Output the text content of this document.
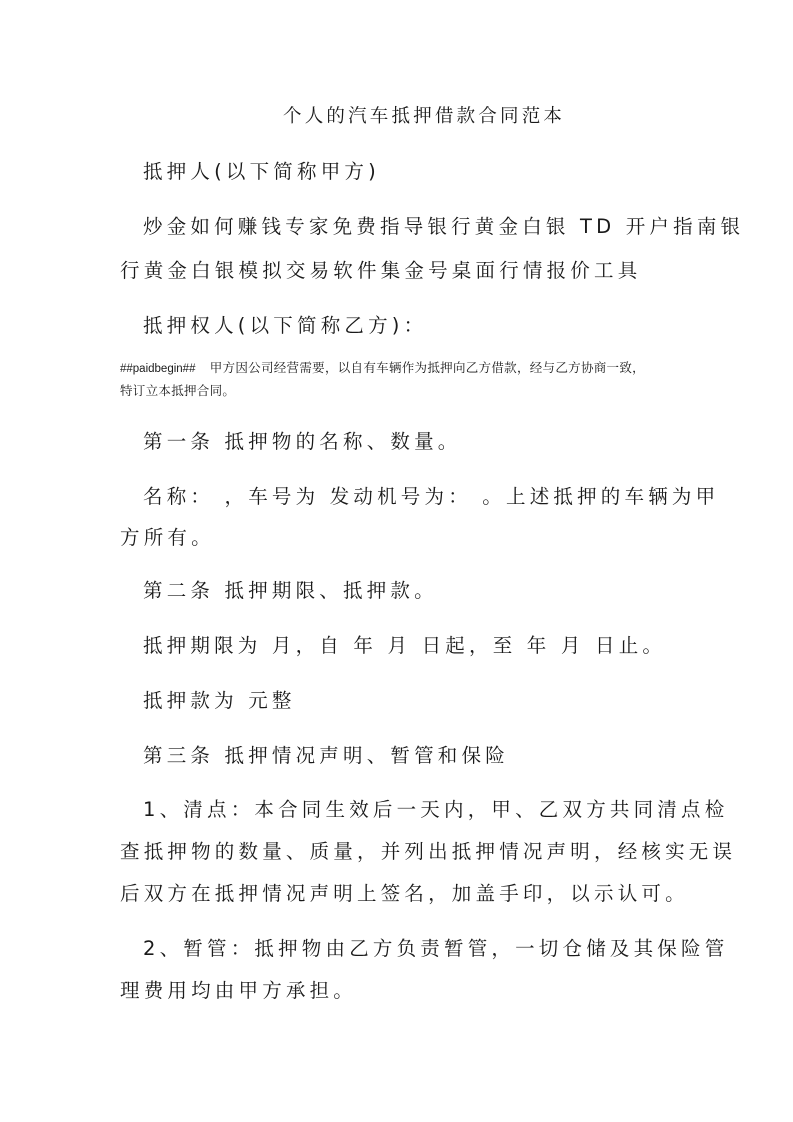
个人的汽车抵押借款合同范本
抵押人(以下简称甲方)
炒金如何赚钱专家免费指导银行黄金白银 TD 开户指南银
行黄金白银模拟交易软件集金号桌面行情报价工具
抵押权人(以下简称乙方)：
##paidbegin## 甲方因公司经营需要，以自有车辆作为抵押向乙方借款，经与乙方协商一致，
特订立本抵押合同。
第一条 抵押物的名称、数量。
名称： ，车号为 发动机号为： 。上述抵押的车辆为甲
方所有。
第二条 抵押期限、抵押款。
抵押期限为 月，自 年 月 日起，至 年 月 日止。
抵押款为 元整
第三条 抵押情况声明、暂管和保险
1、清点：本合同生效后一天内，甲、乙双方共同清点检
查抵押物的数量、质量，并列出抵押情况声明，经核实无误
后双方在抵押情况声明上签名，加盖手印，以示认可。
2、暂管：抵押物由乙方负责暂管，一切仓储及其保险管
理费用均由甲方承担。
